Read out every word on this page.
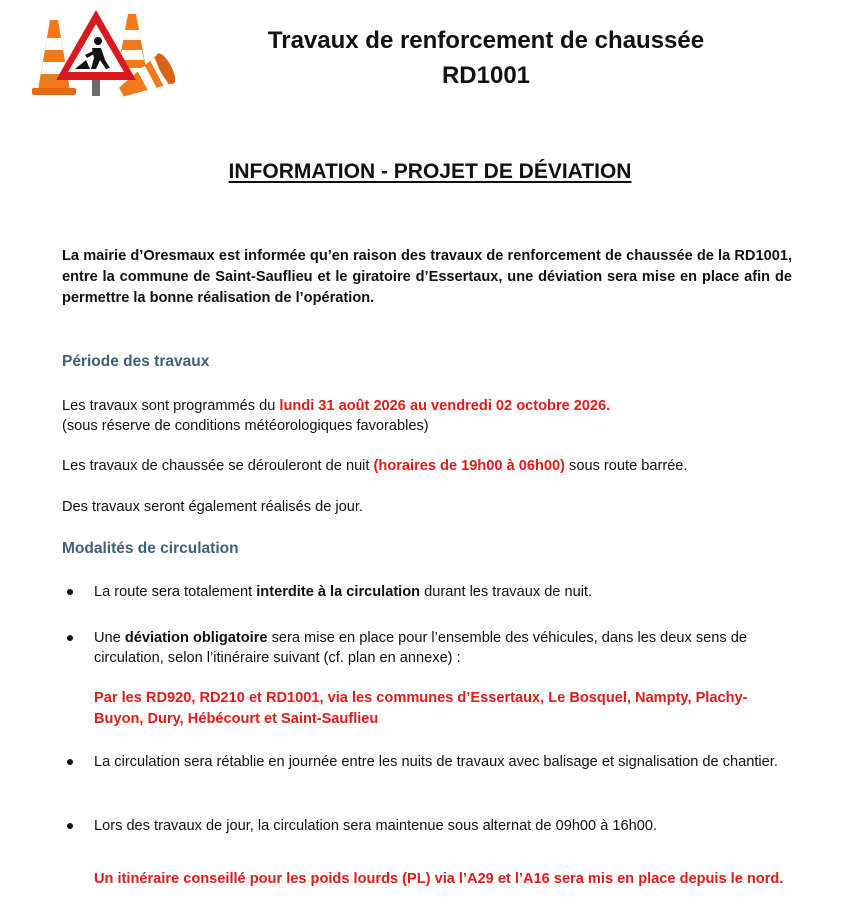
Travaux de renforcement de chaussée
RD1001
INFORMATION - PROJET DE DÉVIATION
La mairie d’Oresmaux est informée qu’en raison des travaux de renforcement de chaussée de la RD1001, entre la commune de Saint-Sauflieu et le giratoire d’Essertaux, une déviation sera mise en place afin de permettre la bonne réalisation de l’opération.
Période des travaux
Les travaux sont programmés du lundi 31 août 2026 au vendredi 02 octobre 2026.
(sous réserve de conditions météorologiques favorables)
Les travaux de chaussée se dérouleront de nuit (horaires de 19h00 à 06h00) sous route barrée.
Des travaux seront également réalisés de jour.
Modalités de circulation
La route sera totalement interdite à la circulation durant les travaux de nuit.
Une déviation obligatoire sera mise en place pour l’ensemble des véhicules, dans les deux sens de circulation, selon l’itinéraire suivant (cf. plan en annexe) :
Par les RD920, RD210 et RD1001, via les communes d’Essertaux, Le Bosquel, Nampty, Plachy-Buyon, Dury, Hébécourt et Saint-Sauflieu
La circulation sera rétablie en journée entre les nuits de travaux avec balisage et signalisation de chantier.
Lors des travaux de jour, la circulation sera maintenue sous alternat de 09h00 à 16h00.
Un itinéraire conseillé pour les poids lourds (PL) via l’A29 et l’A16 sera mis en place depuis le nord.
